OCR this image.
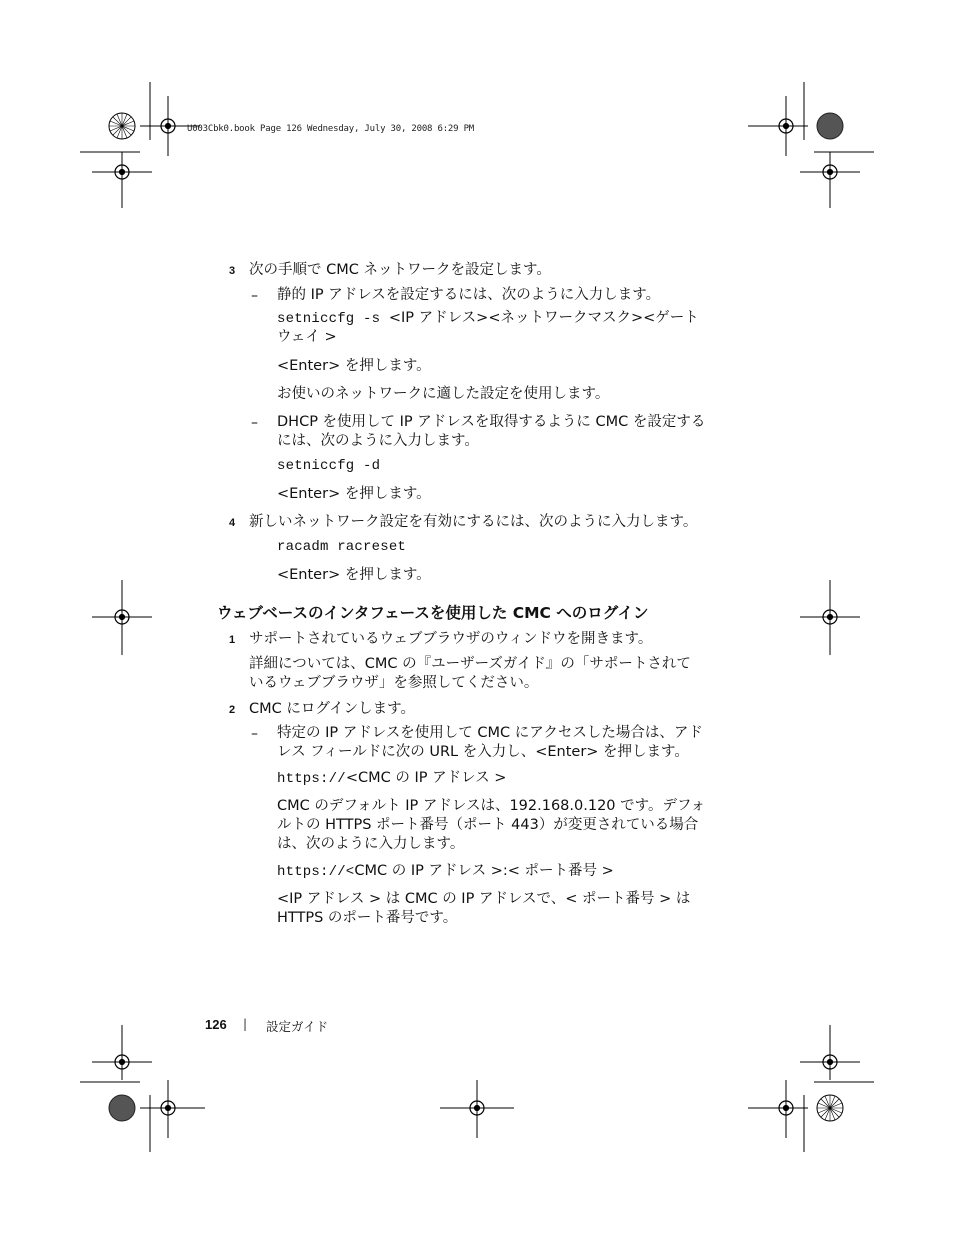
U003Cbk0.book Page 126 Wednesday, July 30, 2008 6:29 PM
3 次の手順で CMC ネットワークを設定します。
– 静的 IP アドレスを設定するには、次のように入力します。
setniccfg -s <IP アドレス><ネットワークマスク><ゲート
ウェイ >
<Enter> を押します。
お使いのネットワークに適した設定を使用します。
– DHCP を使用して IP アドレスを取得するように CMC を設定する
には、次のように入力します。
setniccfg -d
<Enter> を押します。
4 新しいネットワーク設定を有効にするには、次のように入力します。
racadm racreset
<Enter> を押します。
ウェブベースのインタフェースを使用した CMC へのログイン
1 サポートされているウェブブラウザのウィンドウを開きます。
詳細については、CMC の『ユーザーズガイド』の「サポートされて
いるウェブブラウザ」を参照してください。
2 CMC にログインします。
– 特定の IP アドレスを使用して CMC にアクセスした場合は、アド
レス フィールドに次の URL を入力し、<Enter> を押します。
https://<CMC の IP アドレス >
CMC のデフォルト IP アドレスは、192.168.0.120 です。デフォ
ルトの HTTPS ポート番号（ポート 443）が変更されている場合
は、次のように入力します。
https://<CMC の IP アドレス >:< ポート番号 >
<IP アドレス > は CMC の IP アドレスで、< ポート番号 > は
HTTPS のポート番号です。
126 | 設定ガイド
